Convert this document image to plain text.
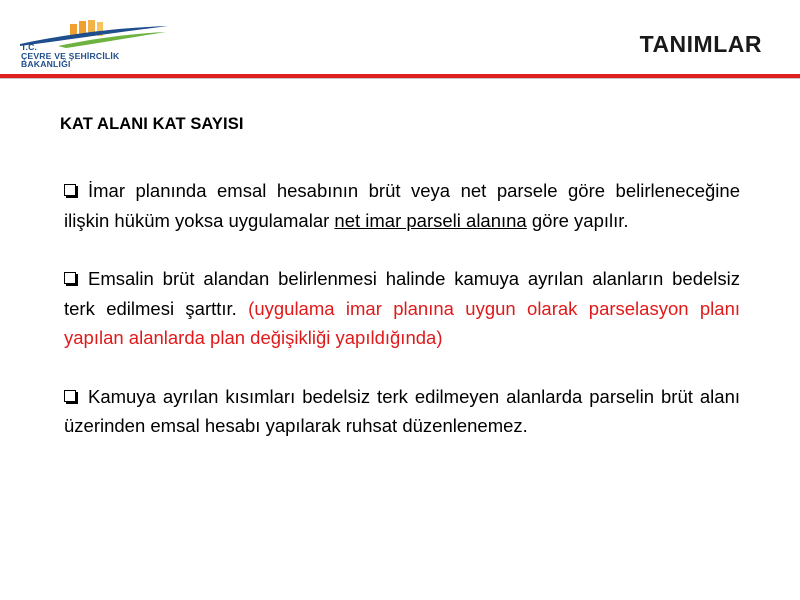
T.C.
ÇEVRE VE ŞEHİRCİLİK
BAKANLIĞI
TANIMLAR
KAT ALANI KAT SAYISI

İmar planında emsal hesabının brüt veya net parsele göre belirleneceğine ilişkin hüküm yoksa uygulamalar net imar parseli alanına göre yapılır.

Emsalin brüt alandan belirlenmesi halinde kamuya ayrılan alanların bedelsiz terk edilmesi şarttır. (uygulama imar planına uygun olarak parselasyon planı yapılan alanlarda plan değişikliği yapıldığında)

Kamuya ayrılan kısımları bedelsiz terk edilmeyen alanlarda parselin brüt alanı üzerinden emsal hesabı yapılarak ruhsat düzenlenemez.
